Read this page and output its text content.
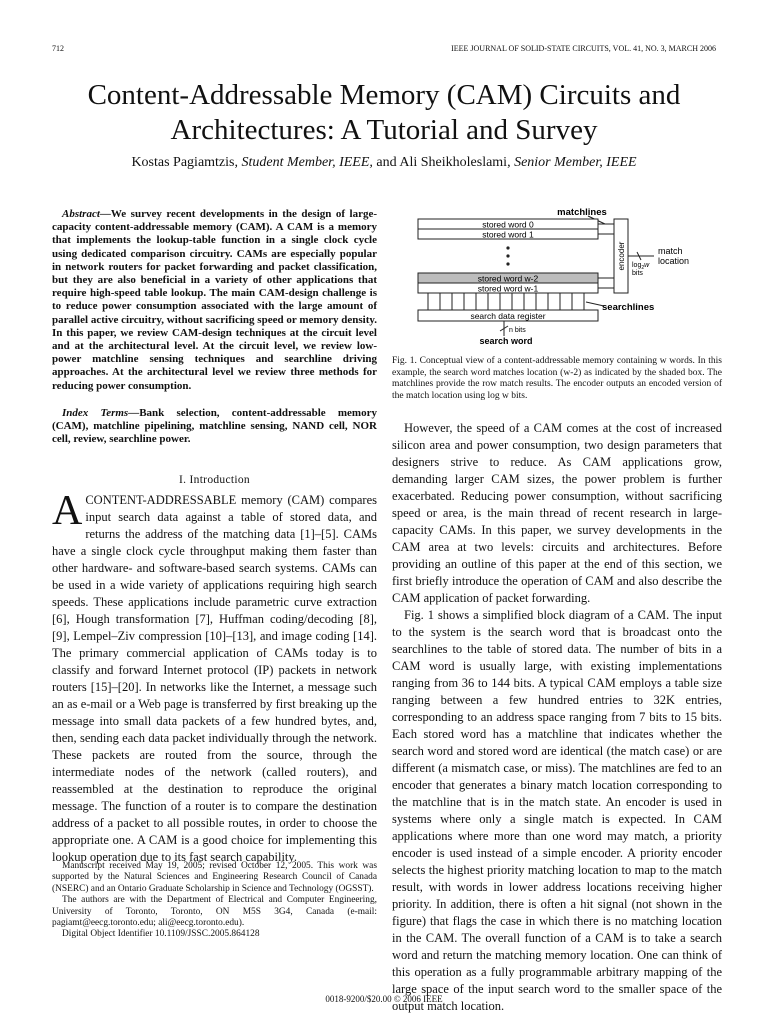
712	IEEE JOURNAL OF SOLID-STATE CIRCUITS, VOL. 41, NO. 3, MARCH 2006
Content-Addressable Memory (CAM) Circuits and Architectures: A Tutorial and Survey
Kostas Pagiamtzis, Student Member, IEEE, and Ali Sheikholeslami, Senior Member, IEEE
Abstract—We survey recent developments in the design of large-capacity content-addressable memory (CAM). A CAM is a memory that implements the lookup-table function in a single clock cycle using dedicated comparison circuitry. CAMs are especially popular in network routers for packet forwarding and packet classification, but they are also beneficial in a variety of other applications that require high-speed table lookup. The main CAM-design challenge is to reduce power consumption associated with the large amount of parallel active circuitry, without sacrificing speed or memory density. In this paper, we review CAM-design techniques at the circuit level and at the architectural level. At the circuit level, we review low-power matchline sensing techniques and searchline driving approaches. At the architectural level we review three methods for reducing power consumption.
Index Terms—Bank selection, content-addressable memory (CAM), matchline pipelining, matchline sensing, NAND cell, NOR cell, review, searchline power.
I. Introduction
ACONTENT-ADDRESSABLE memory (CAM) compares input search data against a table of stored data, and returns the address of the matching data [1]–[5]. CAMs have a single clock cycle throughput making them faster than other hardware- and software-based search systems. CAMs can be used in a wide variety of applications requiring high search speeds. These applications include parametric curve extraction [6], Hough transformation [7], Huffman coding/decoding [8], [9], Lempel–Ziv compression [10]–[13], and image coding [14]. The primary commercial application of CAMs today is to classify and forward Internet protocol (IP) packets in network routers [15]–[20]. In networks like the Internet, a message such an as e-mail or a Web page is transferred by first breaking up the message into small data packets of a few hundred bytes, and, then, sending each data packet individually through the network. These packets are routed from the source, through the intermediate nodes of the network (called routers), and reassembled at the destination to reproduce the original message. The function of a router is to compare the destination address of a packet to all possible routes, in order to choose the appropriate one. A CAM is a good choice for implementing this lookup operation due to its fast search capability.

Manuscript received May 19, 2005; revised October 12, 2005. This work was supported by the Natural Sciences and Engineering Research Council of Canada (NSERC) and an Ontario Graduate Scholarship in Science and Technology (OGSST).

The authors are with the Department of Electrical and Computer Engineering, University of Toronto, Toronto, ON M5S 3G4, Canada (e-mail: pagiamt@eecg.toronto.edu; ali@eecg.toronto.edu).

Digital Object Identifier 10.1109/JSSC.2005.864128

matchlines
stored word 0
stored word 1
stored word w-2
stored word w-1
encoder $\log_2w$
bits
match
location
searchlines
search data register
n bits
search word
Fig. 1. Conceptual view of a content-addressable memory containing w words. In this example, the search word matches location (w-2) as indicated by the shaded box. The matchlines provide the row match results. The encoder outputs an encoded version of the match location using log w bits.

However, the speed of a CAM comes at the cost of increased silicon area and power consumption, two design parameters that designers strive to reduce. As CAM applications grow, demanding larger CAM sizes, the power problem is further exacerbated. Reducing power consumption, without sacrificing speed or area, is the main thread of recent research in large-capacity CAMs. In this paper, we survey developments in the CAM area at two levels: circuits and architectures. Before providing an outline of this paper at the end of this section, we first briefly introduce the operation of CAM and also describe the CAM application of packet forwarding.

Fig. 1 shows a simplified block diagram of a CAM. The input to the system is the search word that is broadcast onto the searchlines to the table of stored data. The number of bits in a CAM word is usually large, with existing implementations ranging from 36 to 144 bits. A typical CAM employs a table size ranging between a few hundred entries to 32K entries, corresponding to an address space ranging from 7 bits to 15 bits. Each stored word has a matchline that indicates whether the search word and stored word are identical (the match case) or are different (a mismatch case, or miss). The matchlines are fed to an encoder that generates a binary match location corresponding to the matchline that is in the match state. An encoder is used in systems where only a single match is expected. In CAM applications where more than one word may match, a priority encoder is used instead of a simple encoder. A priority encoder selects the highest priority matching location to map to the match result, with words in lower address locations receiving higher priority. In addition, there is often a hit signal (not shown in the figure) that flags the case in which there is no matching location in the CAM. The overall function of a CAM is to take a search word and return the matching memory location. One can think of this operation as a fully programmable arbitrary mapping of the large space of the input search word to the smaller space of the output match location.

0018-9200/$20.00 © 2006 IEEE
